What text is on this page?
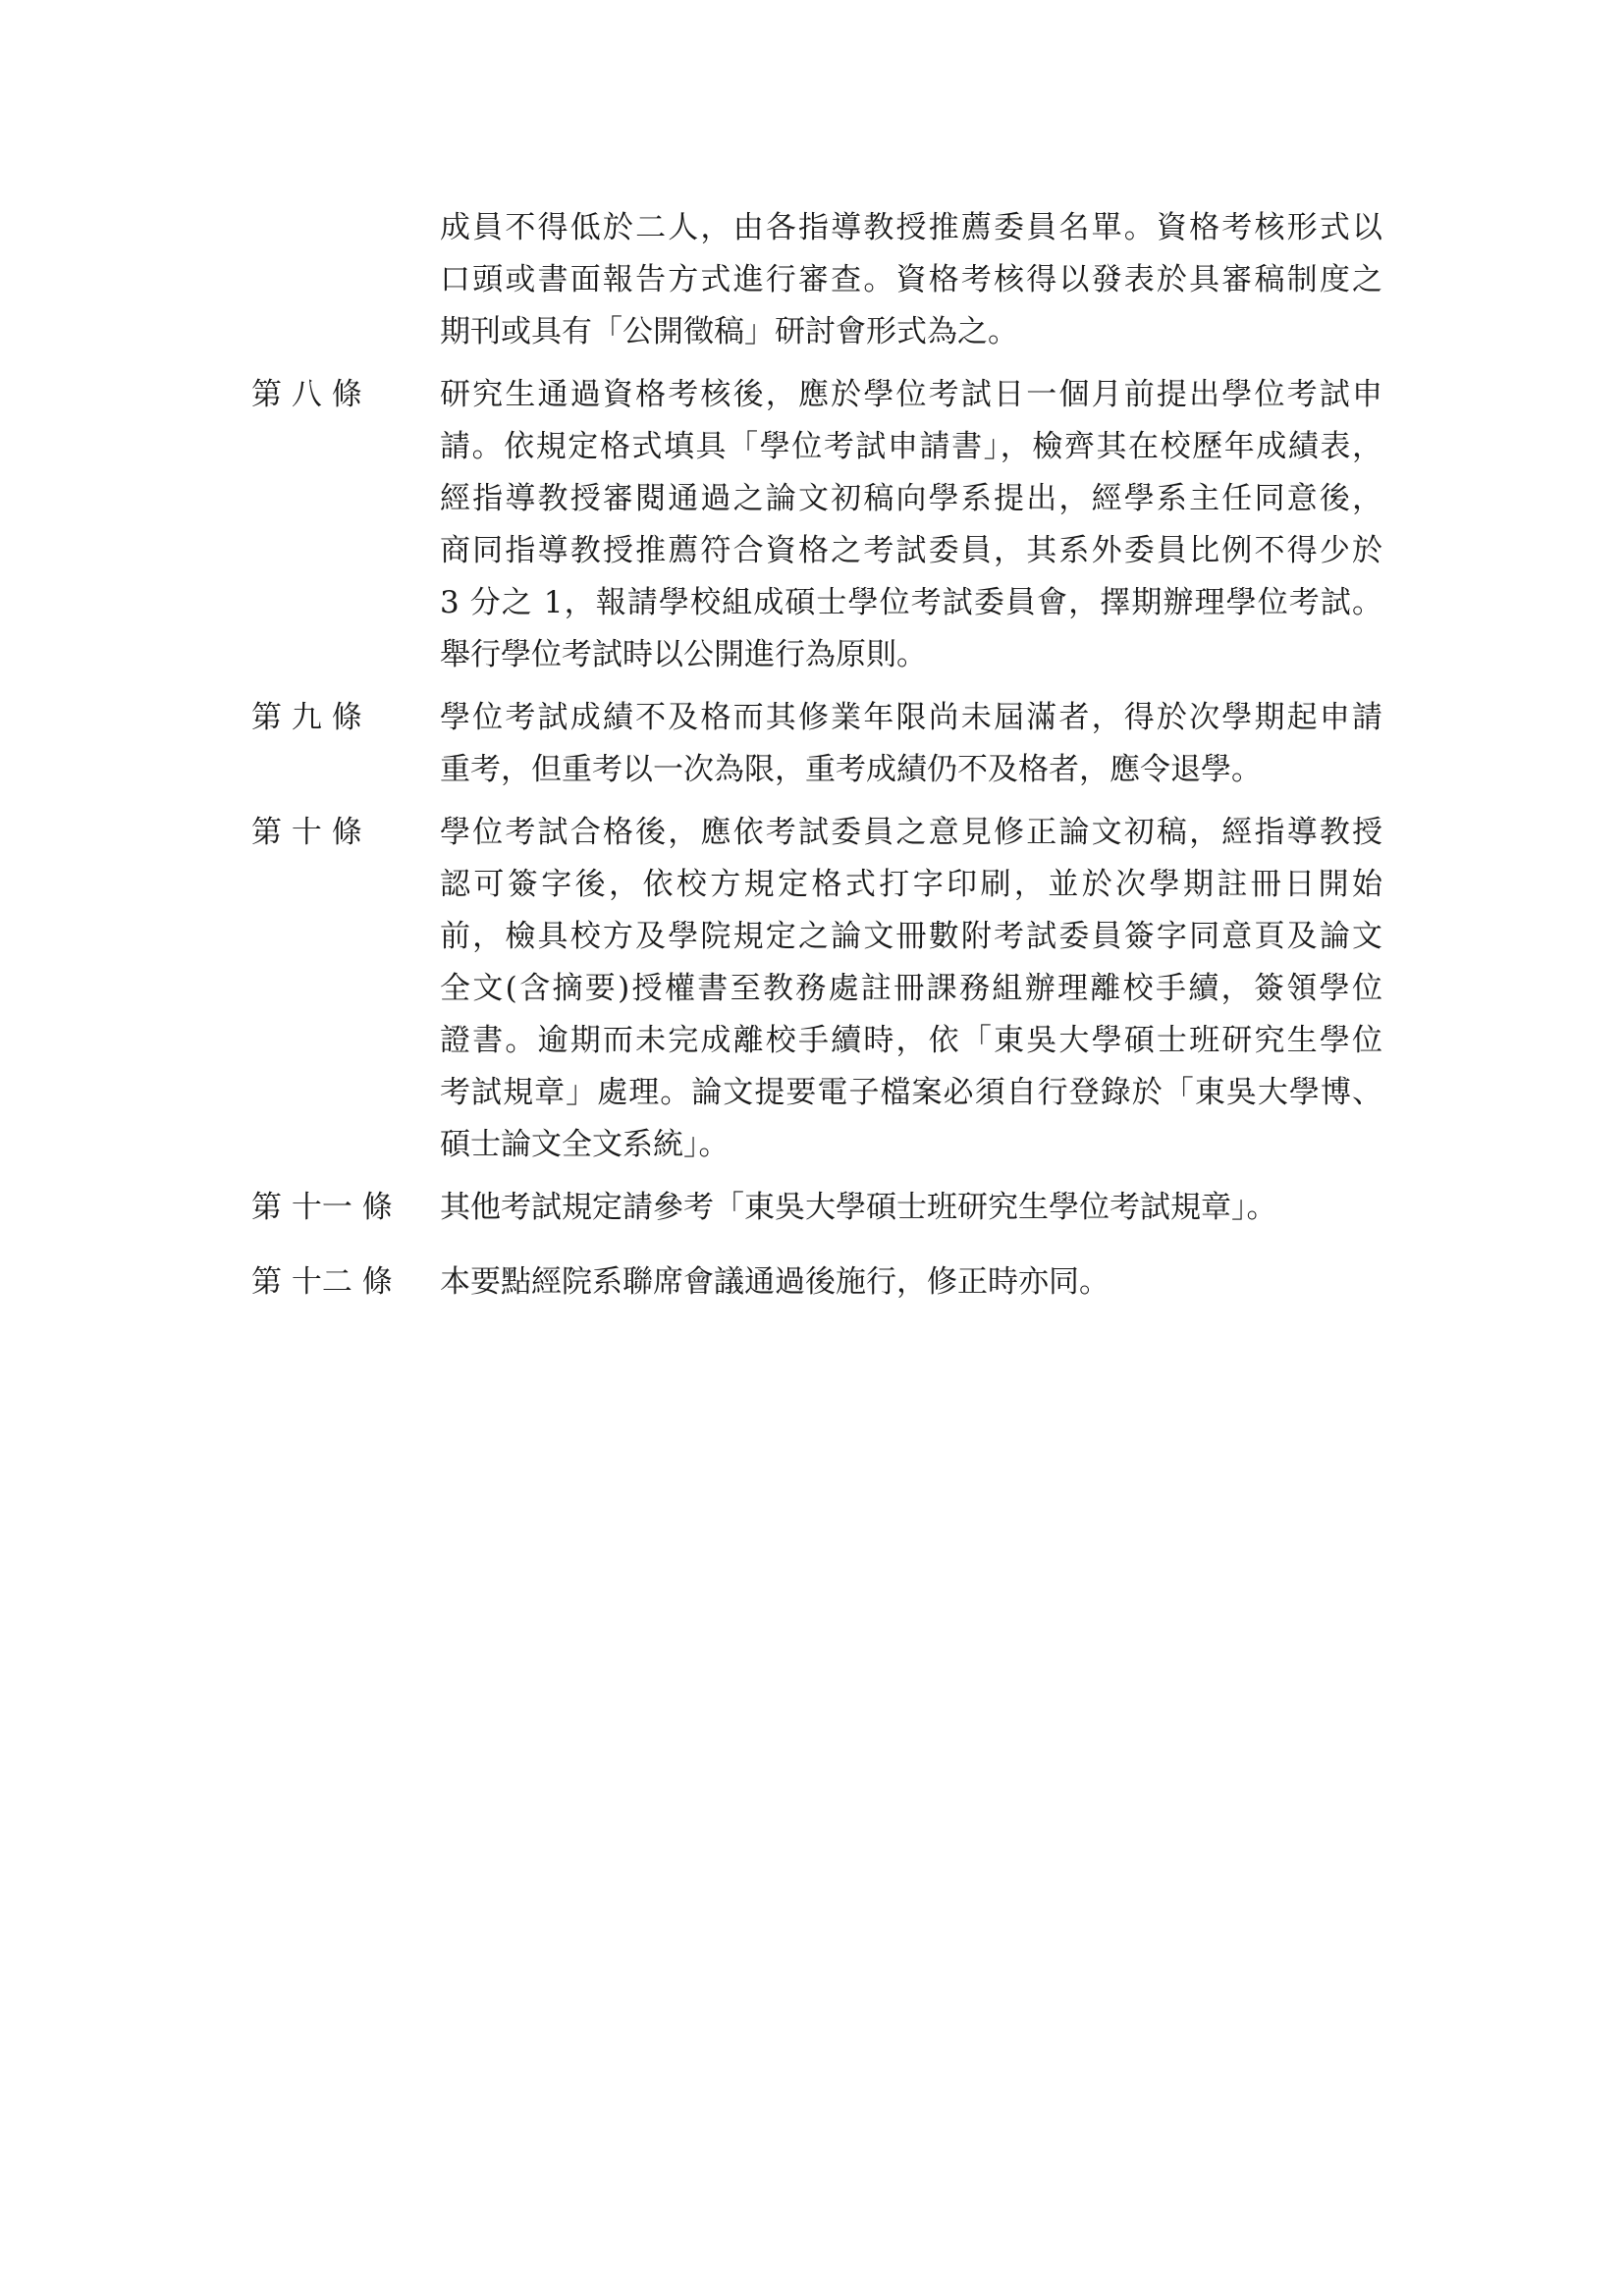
成員不得低於二人，由各指導教授推薦委員名單。資格考核形式以
口頭或書面報告方式進行審查。資格考核得以發表於具審稿制度之
期刊或具有「公開徵稿」研討會形式為之。
第 八 條	研究生通過資格考核後，應於學位考試日一個月前提出學位考試申
請。依規定格式填具「學位考試申請書」，檢齊其在校歷年成績表，
經指導教授審閱通過之論文初稿向學系提出，經學系主任同意後，
商同指導教授推薦符合資格之考試委員，其系外委員比例不得少於
3 分之 1，報請學校組成碩士學位考試委員會，擇期辦理學位考試。
舉行學位考試時以公開進行為原則。
第 九 條	學位考試成績不及格而其修業年限尚未屆滿者，得於次學期起申請
重考，但重考以一次為限，重考成績仍不及格者，應令退學。
第 十 條	學位考試合格後，應依考試委員之意見修正論文初稿，經指導教授
認可簽字後，依校方規定格式打字印刷，並於次學期註冊日開始
前，檢具校方及學院規定之論文冊數附考試委員簽字同意頁及論文
全文(含摘要)授權書至教務處註冊課務組辦理離校手續，簽領學位
證書。逾期而未完成離校手續時，依「東吳大學碩士班研究生學位
考試規章」處理。論文提要電子檔案必須自行登錄於「東吳大學博、
碩士論文全文系統」。
第 十一 條	其他考試規定請參考「東吳大學碩士班研究生學位考試規章」。
第 十二 條	本要點經院系聯席會議通過後施行，修正時亦同。
